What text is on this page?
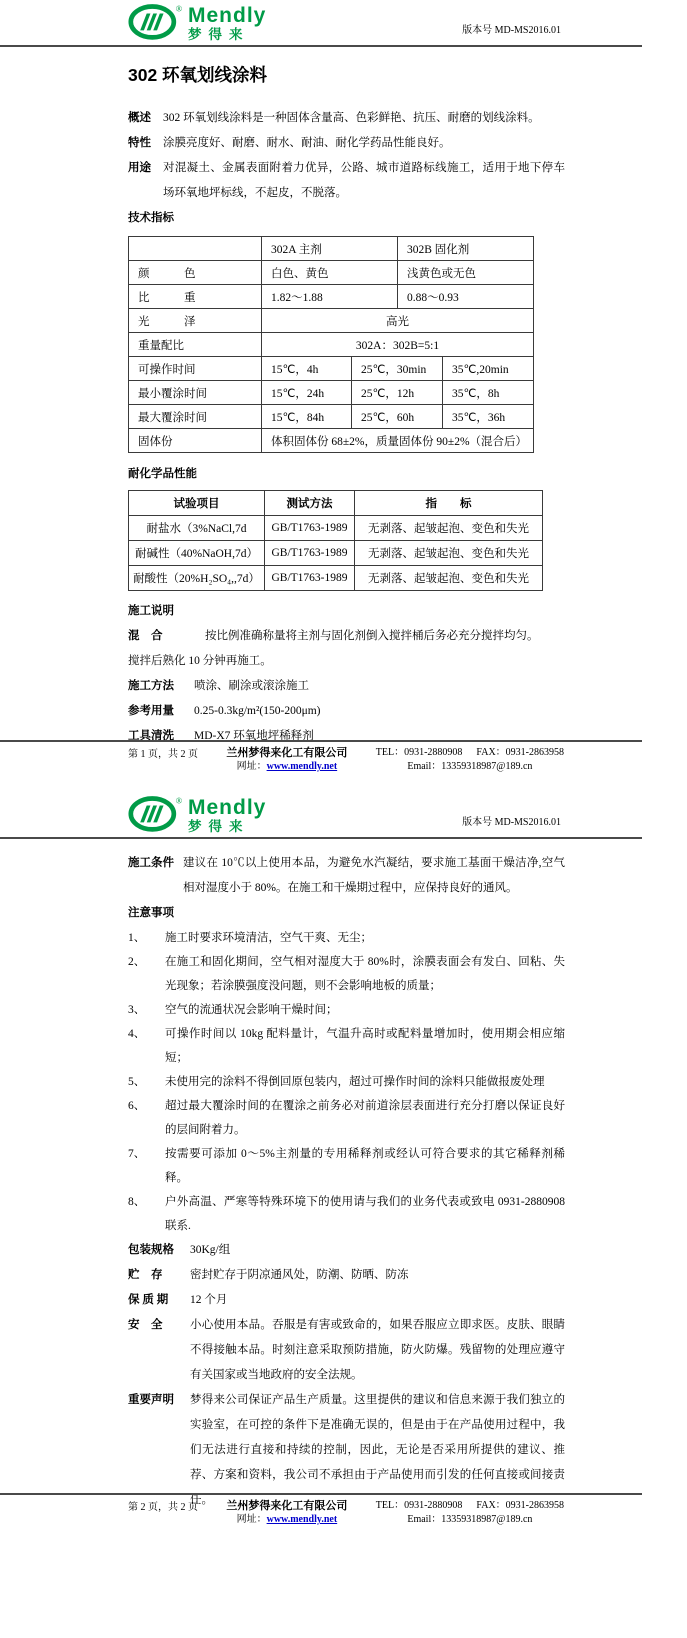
® Mendly
梦得来	版本号 MD-MS2016.01
302 环氧划线涂料

概述	302 环氧划线涂料是一种固体含量高、色彩鲜艳、抗压、耐磨的划线涂料。

特性	涂膜亮度好、耐磨、耐水、耐油、耐化学药品性能良好。

用途	对混凝土、金属表面附着力优异，公路、城市道路标线施工，适用于地下停车场环氧地坪标线，不起皮，不脱落。

技术指标
	302A 主剂		302B 固化剂	
颜　　　色	白色、黄色		浅黄色或无色	
比　　　重	1.82～1.88		0.88～0.93	
光　　　泽	高光			
重量配比	302A：302B=5:1			
可操作时间	15℃，4h	25℃，30min		35℃,20min
最小覆涂时间	15℃，24h	25℃，12h		35℃，8h
最大覆涂时间	15℃，84h	25℃，60h		35℃，36h
固体份	体积固体份 68±2%，质量固体份 90±2%（混合后）			
耐化学品性能
试验项目	测试方法	指　　标
耐盐水（3%NaCl,7d	GB/T1763-1989	无剥落、起皱起泡、变色和失光
耐碱性（40%NaOH,7d）	GB/T1763-1989	无剥落、起皱起泡、变色和失光
耐酸性（20%H₂SO₄,,7d）	GB/T1763-1989	无剥落、起皱起泡、变色和失光
施工说明

混　合	按比例准确称量将主剂与固化剂倒入搅拌桶后务必充分搅拌均匀。

搅拌后熟化 10 分钟再施工。

施工方法	喷涂、刷涂或滚涂施工

参考用量	0.25-0.3kg/m²(150-200μm)

工具清洗	MD-X7 环氧地坪稀释剂

第 1 页，共 2 页	兰州梦得来化工有限公司
网址：www.mendly.net
TEL：0931-2880908 FAX：0931-2863958
Email：13359318987@189.cn
® Mendly
梦得来	版本号 MD-MS2016.01

施工条件 建议在 10℃以上使用本品，为避免水汽凝结，要求施工基面干燥洁净,空气相对湿度小于 80%。在施工和干燥期过程中，应保持良好的通风。

注意事项
1、	施工时要求环境清洁，空气干爽、无尘；
2、	在施工和固化期间，空气相对湿度大于 80%时，涂膜表面会有发白、回粘、失光现象；若涂膜强度没问题，则不会影响地板的质量；
3、	空气的流通状况会影响干燥时间；
4、	可操作时间以 10kg 配料量计，气温升高时或配料量增加时，使用期会相应缩短；
5、	未使用完的涂料不得倒回原包装内，超过可操作时间的涂料只能做报废处理
6、	超过最大覆涂时间的在覆涂之前务必对前道涂层表面进行充分打磨以保证良好的层间附着力。
7、	按需要可添加 0～5%主剂量的专用稀释剂或经认可符合要求的其它稀释剂稀释。
8、	户外高温、严寒等特殊环境下的使用请与我们的业务代表或致电 0931-2880908 联系.

包装规格	30Kg/组

贮　存	密封贮存于阴凉通风处，防潮、防晒、防冻

保 质 期	12 个月

安　全	小心使用本品。吞服是有害或致命的，如果吞服应立即求医。皮肤、眼睛不得接触本品。时刻注意采取预防措施，防火防爆。残留物的处理应遵守有关国家或当地政府的安全法规。

重要声明	梦得来公司保证产品生产质量。这里提供的建议和信息来源于我们独立的实验室，在可控的条件下是准确无误的，但是由于在产品使用过程中，我们无法进行直接和持续的控制，因此，无论是否采用所提供的建议、推荐、方案和资料，我公司不承担由于产品使用而引发的任何直接或间接责任。

第 2 页，共 2 页	兰州梦得来化工有限公司
网址：www.mendly.net
TEL：0931-2880908 FAX：0931-2863958
Email：13359318987@189.cn
